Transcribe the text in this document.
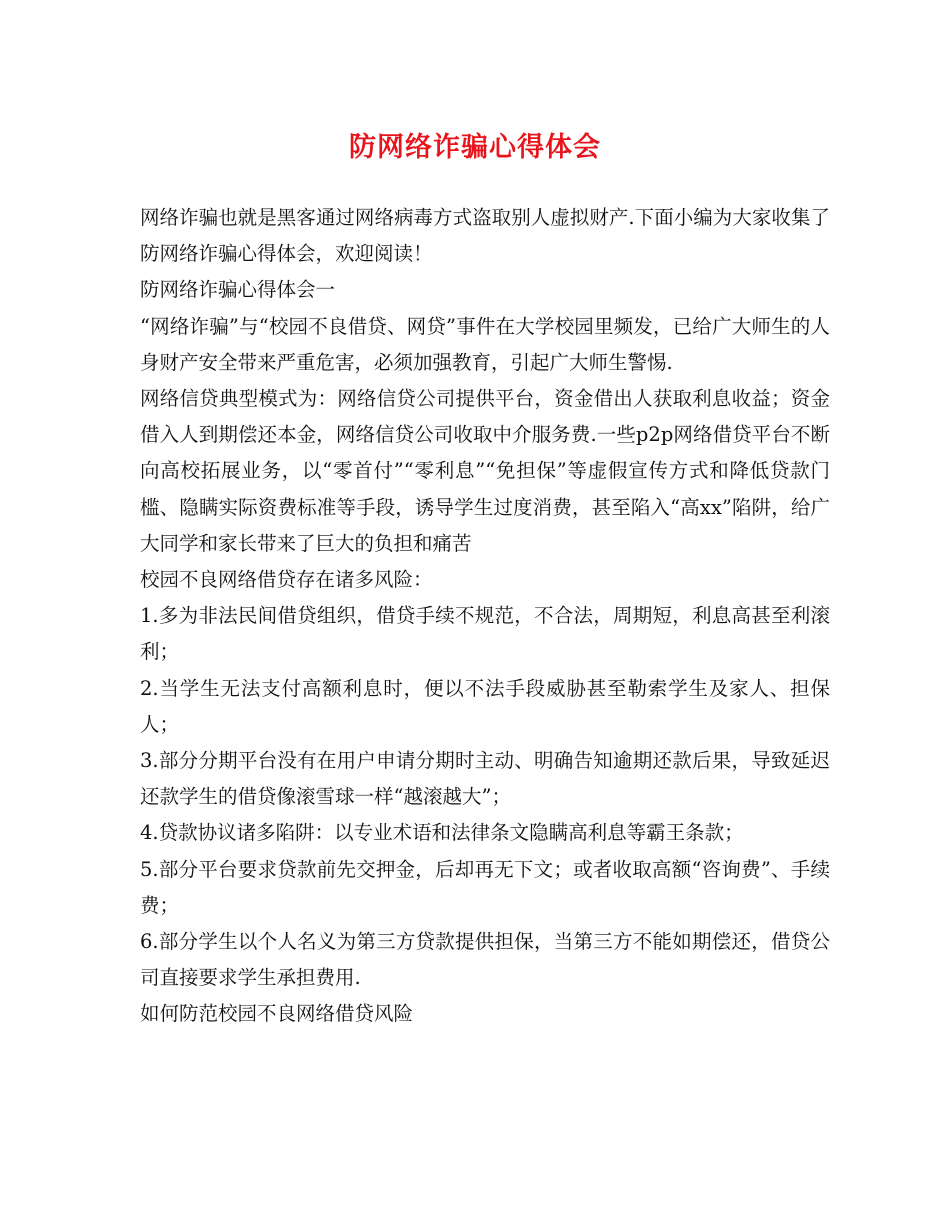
防网络诈骗心得体会

网络诈骗也就是黑客通过网络病毒方式盗取别人虚拟财产.下面小编为大家收集了防网络诈骗心得体会，欢迎阅读！

防网络诈骗心得体会一

“网络诈骗”与“校园不良借贷、网贷”事件在大学校园里频发，已给广大师生的人身财产安全带来严重危害，必须加强教育，引起广大师生警惕.

网络信贷典型模式为：网络信贷公司提供平台，资金借出人获取利息收益；资金借入人到期偿还本金，网络信贷公司收取中介服务费.一些p2p网络借贷平台不断向高校拓展业务，以“零首付”“零利息”“免担保”等虚假宣传方式和降低贷款门槛、隐瞒实际资费标准等手段，诱导学生过度消费，甚至陷入“高xx”陷阱，给广大同学和家长带来了巨大的负担和痛苦

校园不良网络借贷存在诸多风险：

1.多为非法民间借贷组织，借贷手续不规范，不合法，周期短，利息高甚至利滚利；

2.当学生无法支付高额利息时，便以不法手段威胁甚至勒索学生及家人、担保人；

3.部分分期平台没有在用户申请分期时主动、明确告知逾期还款后果，导致延迟还款学生的借贷像滚雪球一样“越滚越大”；

4.贷款协议诸多陷阱：以专业术语和法律条文隐瞒高利息等霸王条款；

5.部分平台要求贷款前先交押金，后却再无下文；或者收取高额“咨询费”、手续费；

6.部分学生以个人名义为第三方贷款提供担保，当第三方不能如期偿还，借贷公司直接要求学生承担费用.

如何防范校园不良网络借贷风险
